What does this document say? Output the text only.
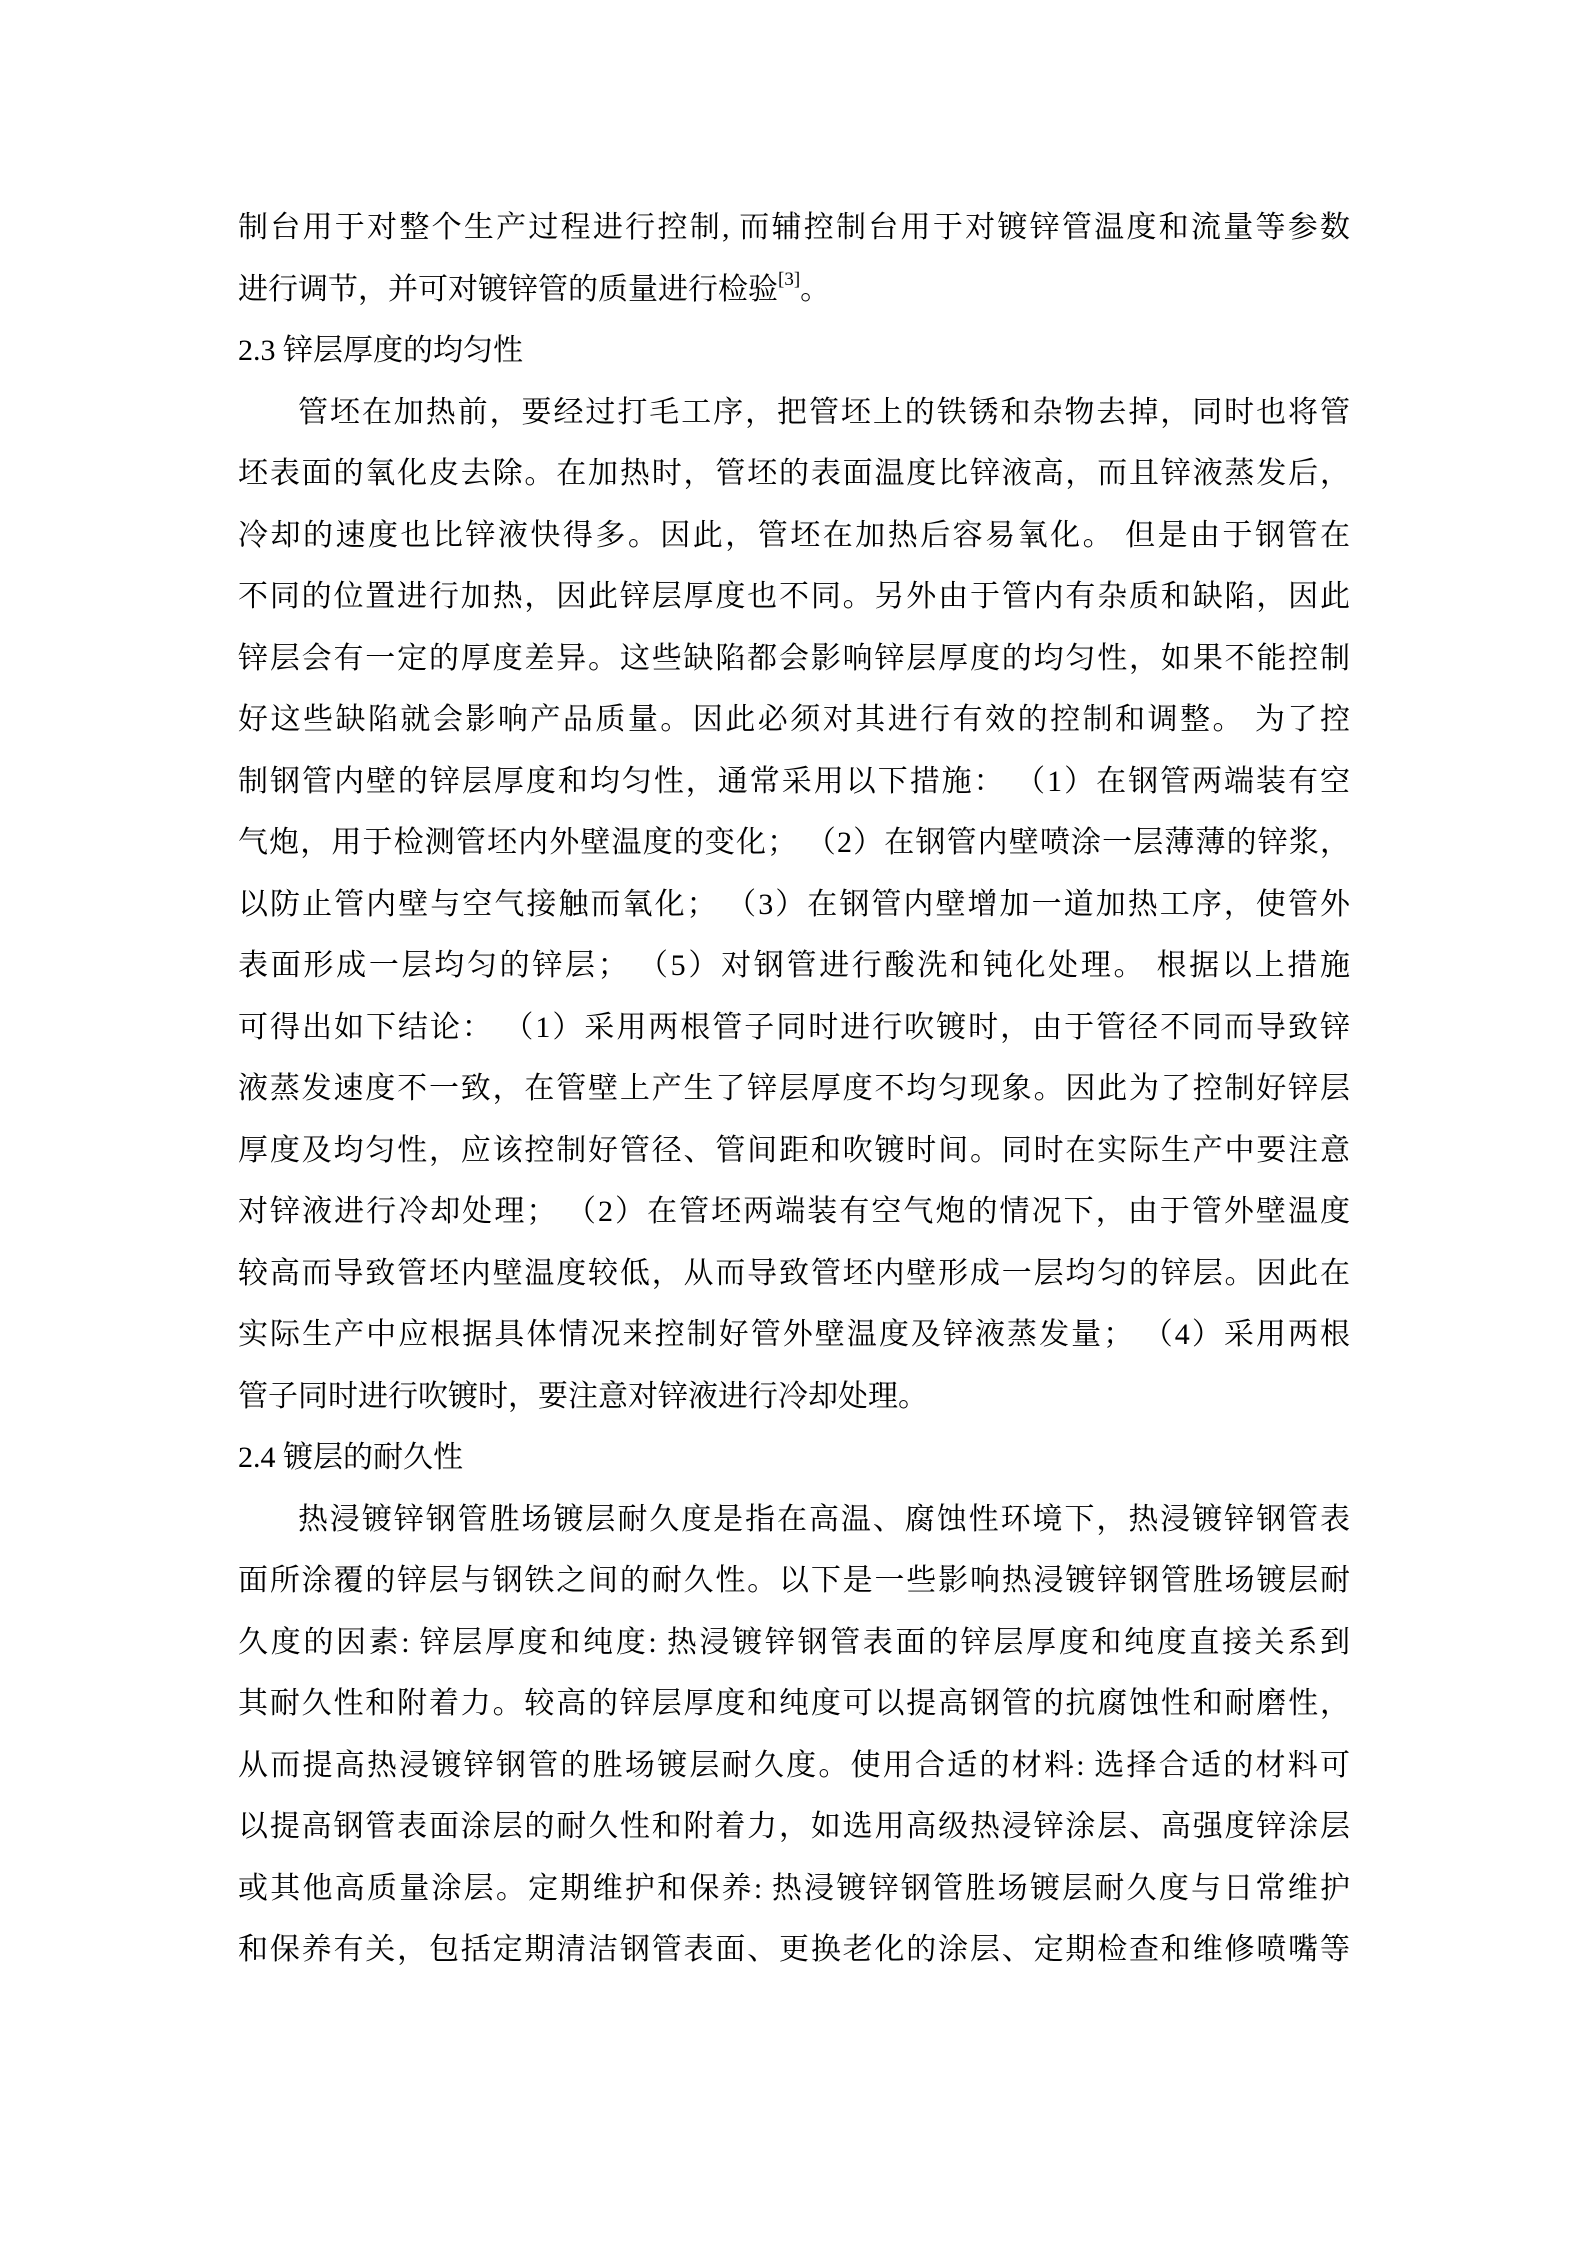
制台用于对整个生产过程进行控制, 而辅控制台用于对镀锌管温度和流量等参数
进行调节，并可对镀锌管的质量进行检验[3]。
2.3 锌层厚度的均匀性
管坯在加热前，要经过打毛工序，把管坯上的铁锈和杂物去掉，同时也将管
坯表面的氧化皮去除。在加热时，管坯的表面温度比锌液高，而且锌液蒸发后，
冷却的速度也比锌液快得多。因此，管坯在加热后容易氧化。 但是由于钢管在
不同的位置进行加热，因此锌层厚度也不同。另外由于管内有杂质和缺陷，因此
锌层会有一定的厚度差异。这些缺陷都会影响锌层厚度的均匀性，如果不能控制
好这些缺陷就会影响产品质量。因此必须对其进行有效的控制和调整。 为了控
制钢管内壁的锌层厚度和均匀性，通常采用以下措施： （1）在钢管两端装有空
气炮，用于检测管坯内外壁温度的变化； （2）在钢管内壁喷涂一层薄薄的锌浆，
以防止管内壁与空气接触而氧化； （3）在钢管内壁增加一道加热工序，使管外
表面形成一层均匀的锌层； （5）对钢管进行酸洗和钝化处理。 根据以上措施
可得出如下结论： （1）采用两根管子同时进行吹镀时，由于管径不同而导致锌
液蒸发速度不一致，在管壁上产生了锌层厚度不均匀现象。因此为了控制好锌层
厚度及均匀性，应该控制好管径、管间距和吹镀时间。同时在实际生产中要注意
对锌液进行冷却处理； （2）在管坯两端装有空气炮的情况下，由于管外壁温度
较高而导致管坯内壁温度较低，从而导致管坯内壁形成一层均匀的锌层。因此在
实际生产中应根据具体情况来控制好管外壁温度及锌液蒸发量； （4）采用两根
管子同时进行吹镀时，要注意对锌液进行冷却处理。
2.4 镀层的耐久性
热浸镀锌钢管胜场镀层耐久度是指在高温、腐蚀性环境下，热浸镀锌钢管表
面所涂覆的锌层与钢铁之间的耐久性。以下是一些影响热浸镀锌钢管胜场镀层耐
久度的因素: 锌层厚度和纯度: 热浸镀锌钢管表面的锌层厚度和纯度直接关系到
其耐久性和附着力。较高的锌层厚度和纯度可以提高钢管的抗腐蚀性和耐磨性，
从而提高热浸镀锌钢管的胜场镀层耐久度。使用合适的材料: 选择合适的材料可
以提高钢管表面涂层的耐久性和附着力，如选用高级热浸锌涂层、高强度锌涂层
或其他高质量涂层。定期维护和保养: 热浸镀锌钢管胜场镀层耐久度与日常维护
和保养有关，包括定期清洁钢管表面、更换老化的涂层、定期检查和维修喷嘴等
